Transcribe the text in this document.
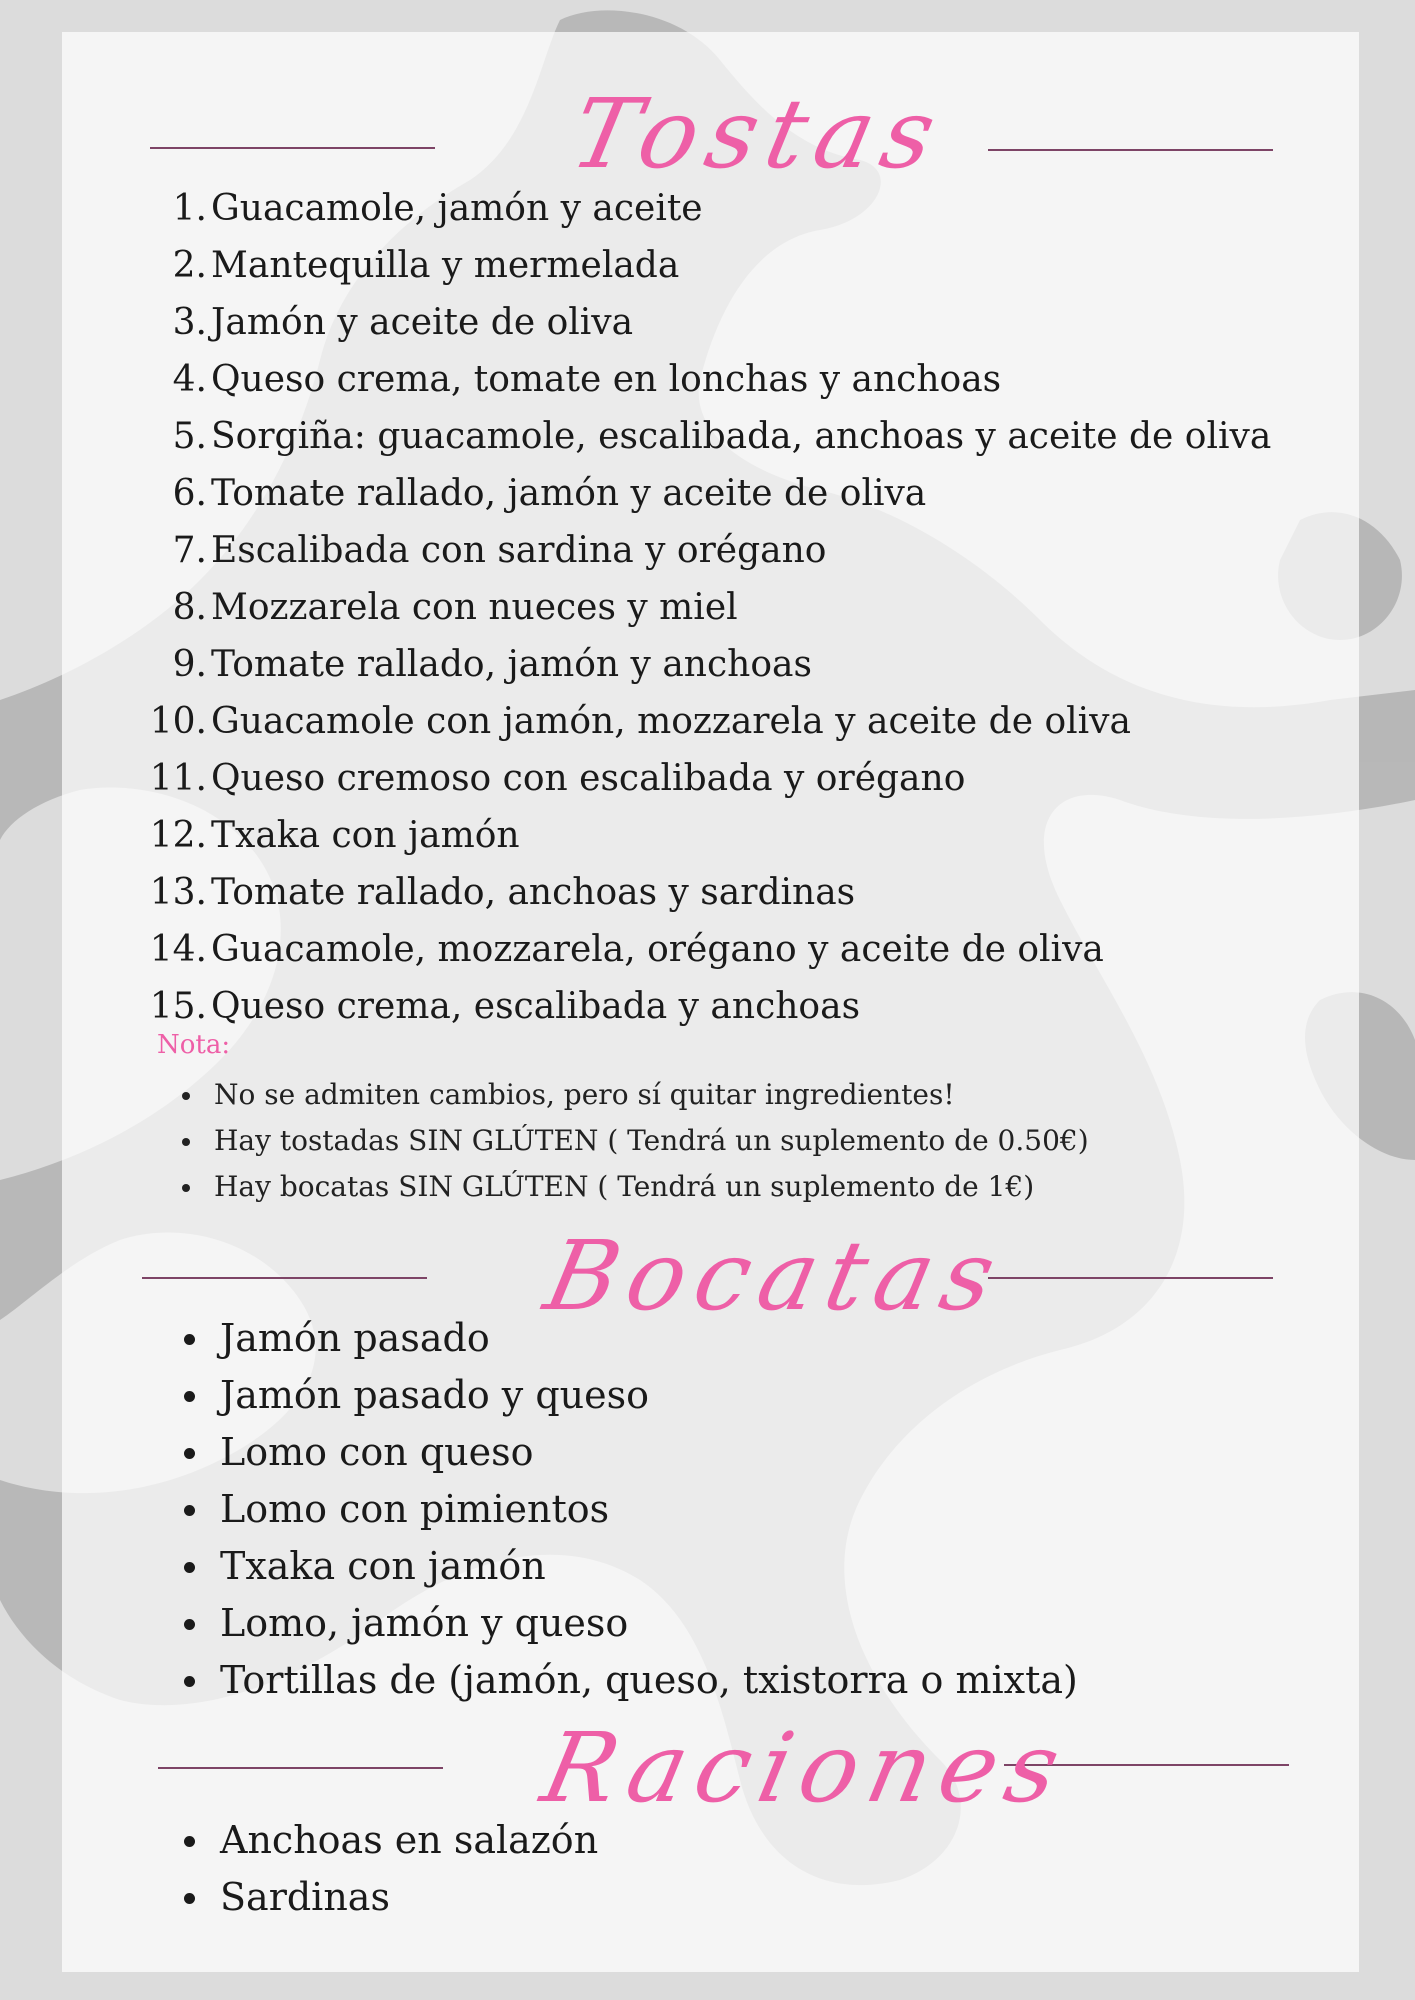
Tostas
1. Guacamole, jamón y aceite
2. Mantequilla y mermelada
3. Jamón y aceite de oliva
4. Queso crema, tomate en lonchas y anchoas
5. Sorgiña: guacamole, escalibada, anchoas y aceite de oliva
6. Tomate rallado, jamón y aceite de oliva
7. Escalibada con sardina y orégano
8. Mozzarela con nueces y miel
9. Tomate rallado, jamón y anchoas
10. Guacamole con jamón, mozzarela y aceite de oliva
11. Queso cremoso con escalibada y orégano
12. Txaka con jamón
13. Tomate rallado, anchoas y sardinas
14. Guacamole, mozzarela, orégano y aceite de oliva
15. Queso crema, escalibada y anchoas

Nota:

No se admiten cambios, pero sí quitar ingredientes!
Hay tostadas SIN GLÚTEN ( Tendrá un suplemento de 0.50€)
Hay bocatas SIN GLÚTEN ( Tendrá un suplemento de 1€)
Bocatas
Jamón pasado
Jamón pasado y queso
Lomo con queso
Lomo con pimientos
Txaka con jamón
Lomo, jamón y queso
Tortillas de (jamón, queso, txistorra o mixta)
Raciones
Anchoas en salazón
Sardinas
